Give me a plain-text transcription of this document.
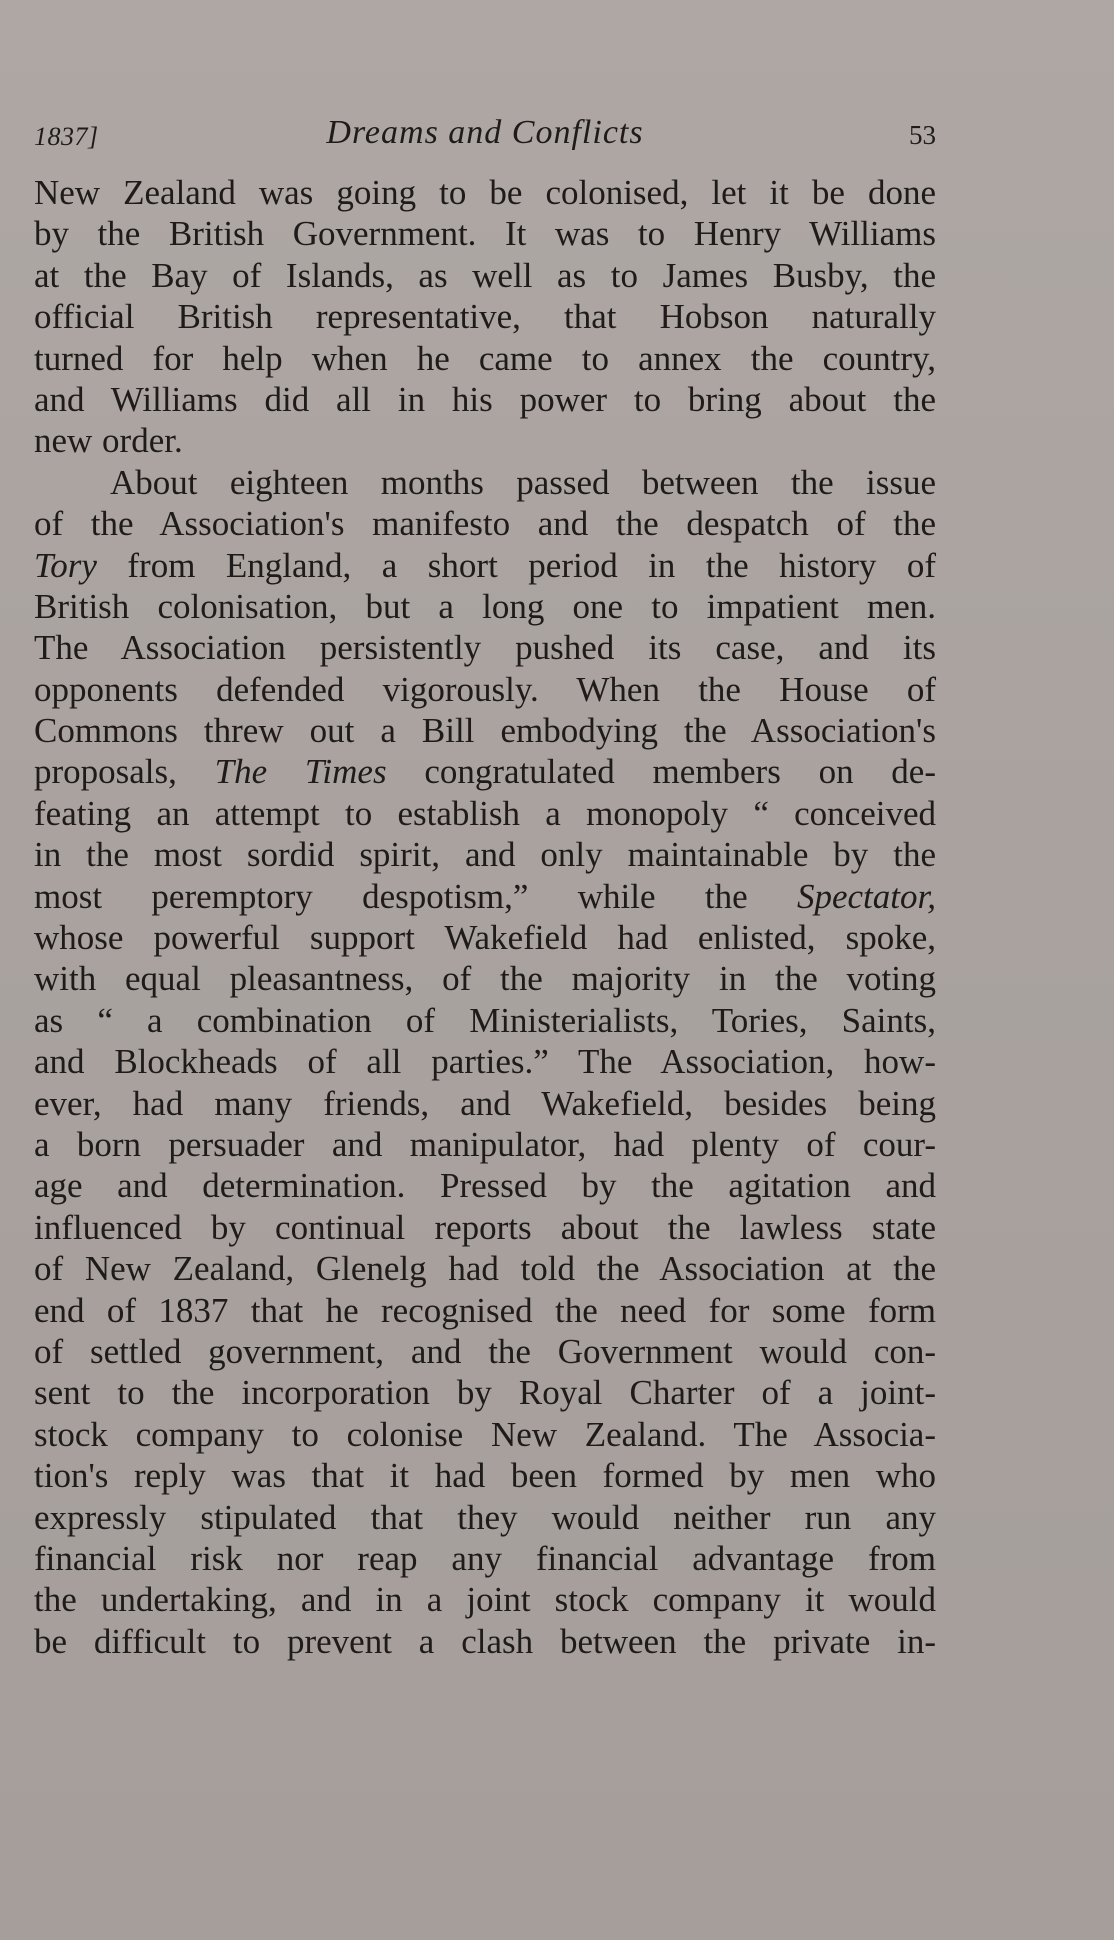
1837]	Dreams and Conflicts	53
New Zealand was going to be colonised, let it be done
by the British Government. It was to Henry Williams
at the Bay of Islands, as well as to James Busby, the
official British representative, that Hobson naturally
turned for help when he came to annex the country,
and Williams did all in his power to bring about the
new order.
About eighteen months passed between the issue
of the Association's manifesto and the despatch of the
Tory from England, a short period in the history of
British colonisation, but a long one to impatient men.
The Association persistently pushed its case, and its
opponents defended vigorously. When the House of
Commons threw out a Bill embodying the Association's
proposals, The Times congratulated members on de-
feating an attempt to establish a monopoly “ conceived
in the most sordid spirit, and only maintainable by the
most peremptory despotism,” while the Spectator,
whose powerful support Wakefield had enlisted, spoke,
with equal pleasantness, of the majority in the voting
as “ a combination of Ministerialists, Tories, Saints,
and Blockheads of all parties.” The Association, how-
ever, had many friends, and Wakefield, besides being
a born persuader and manipulator, had plenty of cour-
age and determination. Pressed by the agitation and
influenced by continual reports about the lawless state
of New Zealand, Glenelg had told the Association at the
end of 1837 that he recognised the need for some form
of settled government, and the Government would con-
sent to the incorporation by Royal Charter of a joint-
stock company to colonise New Zealand. The Associa-
tion's reply was that it had been formed by men who
expressly stipulated that they would neither run any
financial risk nor reap any financial advantage from
the undertaking, and in a joint stock company it would
be difficult to prevent a clash between the private in-
